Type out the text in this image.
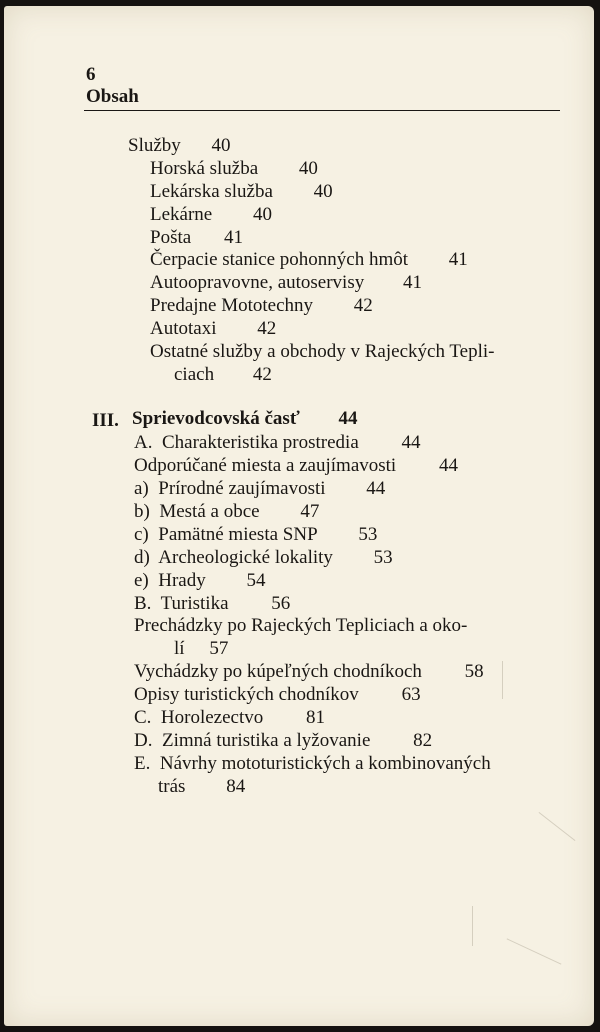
6
Obsah
Služby 40
Horská služba 40
Lekárska služba 40
Lekárne 40
Pošta 41
Čerpacie stanice pohonných hmôt 41
Autoopravovne, autoservisy 41
Predajne Mototechny 42
Autotaxi 42
Ostatné služby a obchody v Rajeckých Tepli-
ciach 42
III. Sprievodcovská časť 44
A.  Charakteristika prostredia 44
Odporúčané miesta a zaujímavosti 44
a)  Prírodné zaujímavosti 44
b)  Mestá a obce 47
c)  Pamätné miesta SNP 53
d)  Archeologické lokality 53
e)  Hrady 54
B.  Turistika 56
Prechádzky po Rajeckých Tepliciach a oko-
lí 57
Vychádzky po kúpeľných chodníkoch 58
Opisy turistických chodníkov 63
C.  Horolezectvo 81
D.  Zimná turistika a lyžovanie 82
E.  Návrhy mototuristických a kombinovaných
trás 84
